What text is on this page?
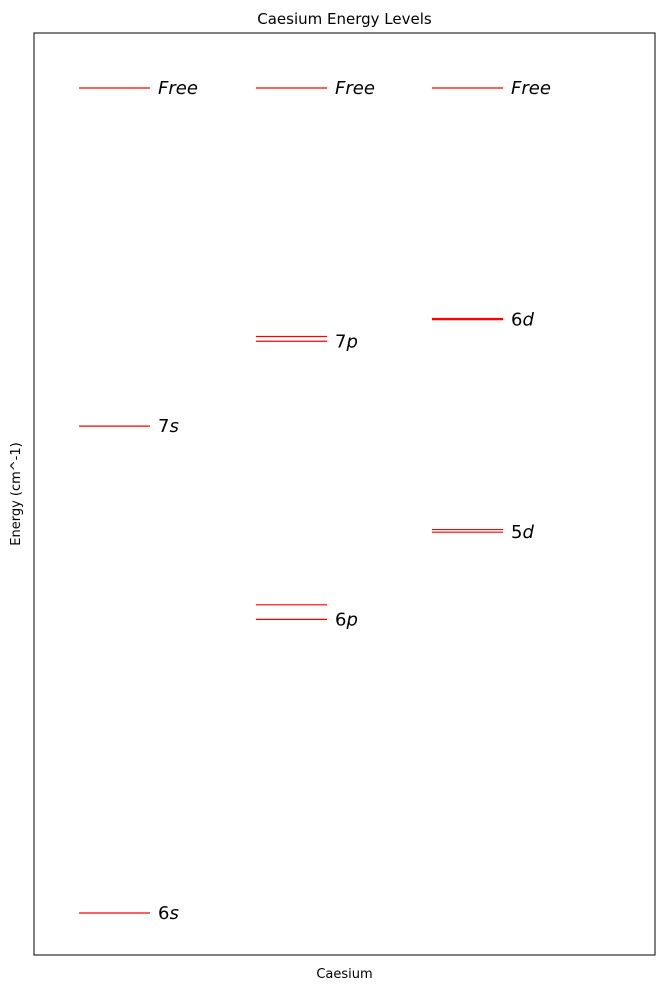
Caesium Energy Levels
Caesium
Energy (cm^-1)
6s
7s
Free
6p
7p
Free
5d
6d
Free
